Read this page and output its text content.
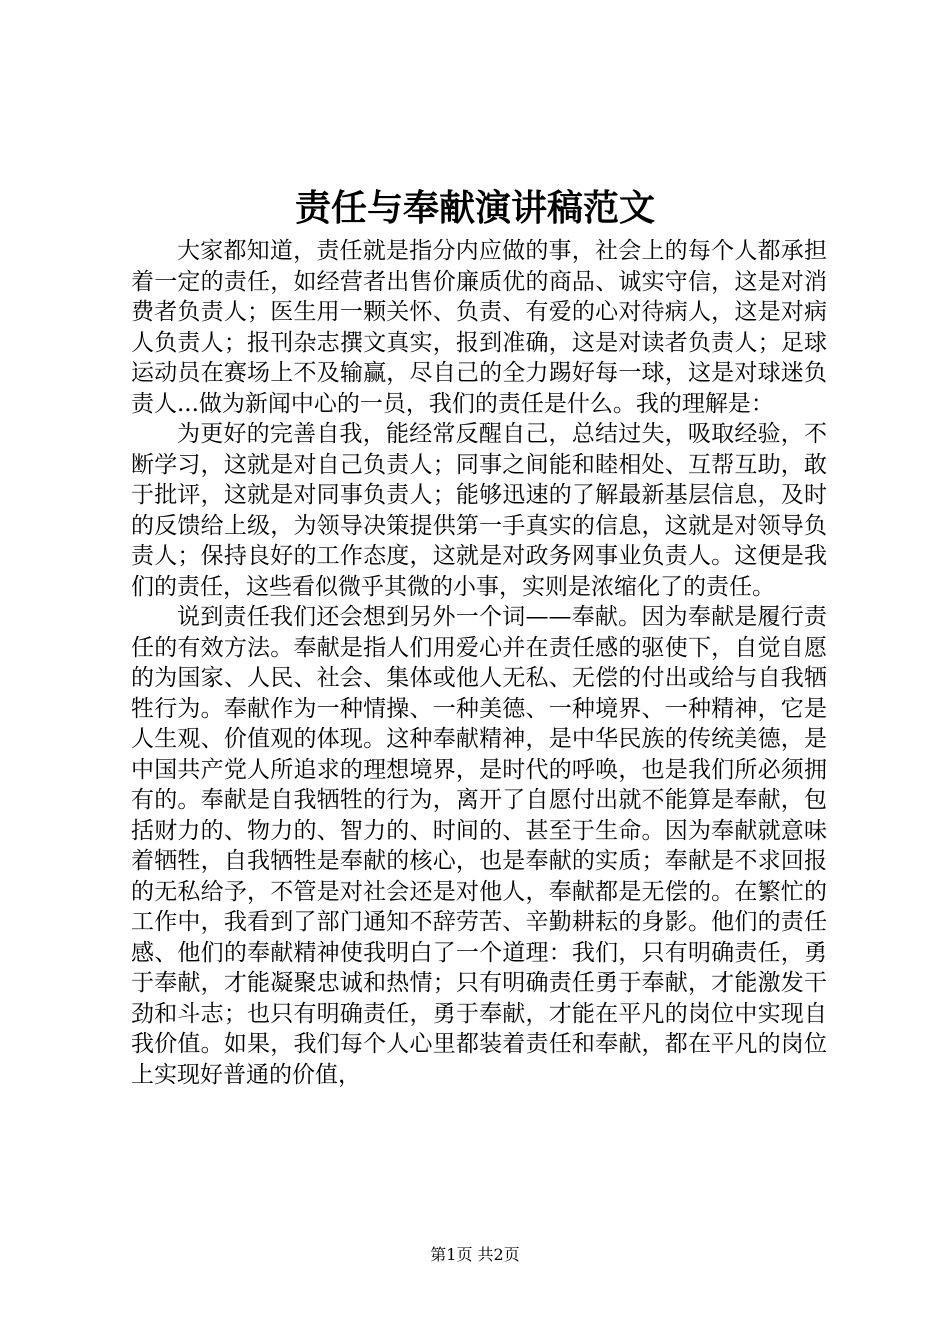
责任与奉献演讲稿范文

大家都知道，责任就是指分内应做的事，社会上的每个人都承担着一定的责任，如经营者出售价廉质优的商品、诚实守信，这是对消费者负责人；医生用一颗关怀、负责、有爱的心对待病人，这是对病人负责人；报刊杂志撰文真实，报到准确，这是对读者负责人；足球运动员在赛场上不及输赢，尽自己的全力踢好每一球，这是对球迷负责人...做为新闻中心的一员，我们的责任是什么。我的理解是：

为更好的完善自我，能经常反醒自己，总结过失，吸取经验，不断学习，这就是对自己负责人；同事之间能和睦相处、互帮互助，敢于批评，这就是对同事负责人；能够迅速的了解最新基层信息，及时的反馈给上级，为领导决策提供第一手真实的信息，这就是对领导负责人；保持良好的工作态度，这就是对政务网事业负责人。这便是我们的责任，这些看似微乎其微的小事，实则是浓缩化了的责任。

说到责任我们还会想到另外一个词——奉献。因为奉献是履行责任的有效方法。奉献是指人们用爱心并在责任感的驱使下，自觉自愿的为国家、人民、社会、集体或他人无私、无偿的付出或给与自我牺牲行为。奉献作为一种情操、一种美德、一种境界、一种精神，它是人生观、价值观的体现。这种奉献精神，是中华民族的传统美德，是中国共产党人所追求的理想境界，是时代的呼唤，也是我们所必须拥有的。奉献是自我牺牲的行为，离开了自愿付出就不能算是奉献，包括财力的、物力的、智力的、时间的、甚至于生命。因为奉献就意味着牺牲，自我牺牲是奉献的核心，也是奉献的实质；奉献是不求回报的无私给予，不管是对社会还是对他人，奉献都是无偿的。在繁忙的工作中，我看到了部门通知不辞劳苦、辛勤耕耘的身影。他们的责任感、他们的奉献精神使我明白了一个道理：我们，只有明确责任，勇于奉献，才能凝聚忠诚和热情；只有明确责任勇于奉献，才能激发干劲和斗志；也只有明确责任，勇于奉献，才能在平凡的岗位中实现自我价值。如果，我们每个人心里都装着责任和奉献，都在平凡的岗位上实现好普通的价值，

第1页 共2页
